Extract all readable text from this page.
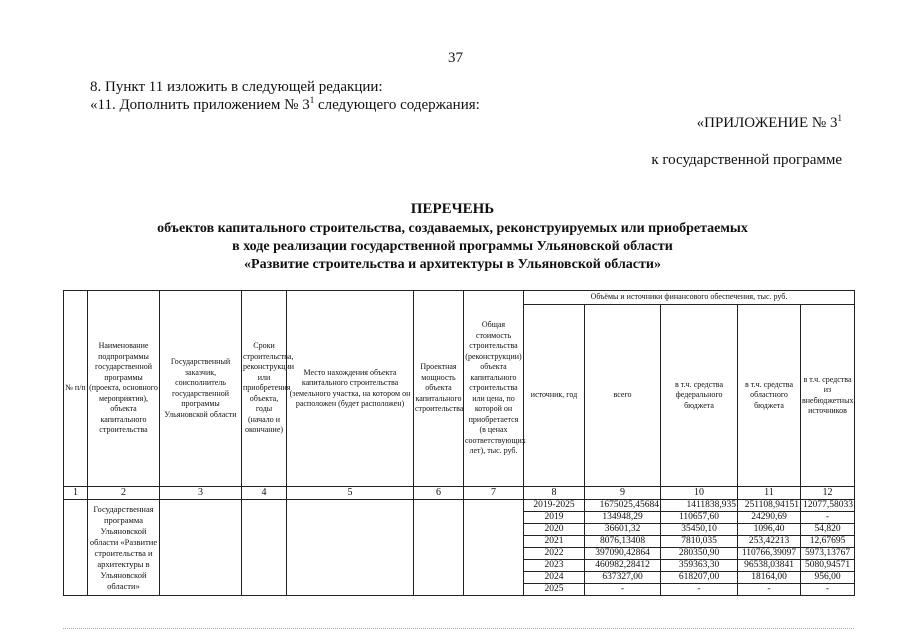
37
8. Пункт 11 изложить в следующей редакции:
«11. Дополнить приложением № $3^1$ следующего содержания:
«ПРИЛОЖЕНИЕ № $3^1$
к государственной программе
ПЕРЕЧЕНЬ
объектов капитального строительства, создаваемых, реконструируемых или приобретаемых
в ходе реализации государственной программы Ульяновской области
«Развитие строительства и архитектуры в Ульяновской области»
№ п/п	Наименование подпрограммы государственной программы (проекта, основного мероприятия), объекта капитального строительства	Государственный заказчик, соисполнитель государственной программы Ульяновской области	Сроки строительства, реконструкции или приобретения объекта, годы (начало и окончание)	Место нахождения объекта капитального строительства (земельного участка, на котором он расположен (будет расположен)	Проектная мощность объекта капитального строительства	Общая стоимость строительства (реконструкции) объекта капитального строительства или цена, по которой он приобретается (в ценах соответствующих лет), тыс. руб.	Объёмы и источники финансового обеспечения, тыс. руб.				
							источник, год	всего	в т.ч. средства федерального бюджета	в т.ч. средства областного бюджета	в т.ч. средства из внебюджетных источников
1	2	3	4	5	6	7	8	9	10	11	12
	Государственная программа Ульяновской области «Развитие строительства и архитектуры в Ульяновской области»						2019-2025	1675025,45684	1411838,935	251108,94151	12077,58033
							2019	134948,29	110657,60	24290,69	-
							2020	36601,32	35450,10	1096,40	54,820
							2021	8076,13408	7810,035	253,42213	12,67695
							2022	397090,42864	280350,90	110766,39097	5973,13767
							2023	460982,28412	359363,30	96538,03841	5080,94571
							2024	637327,00	618207,00	18164,00	956,00
							2025	-	-	-	-
